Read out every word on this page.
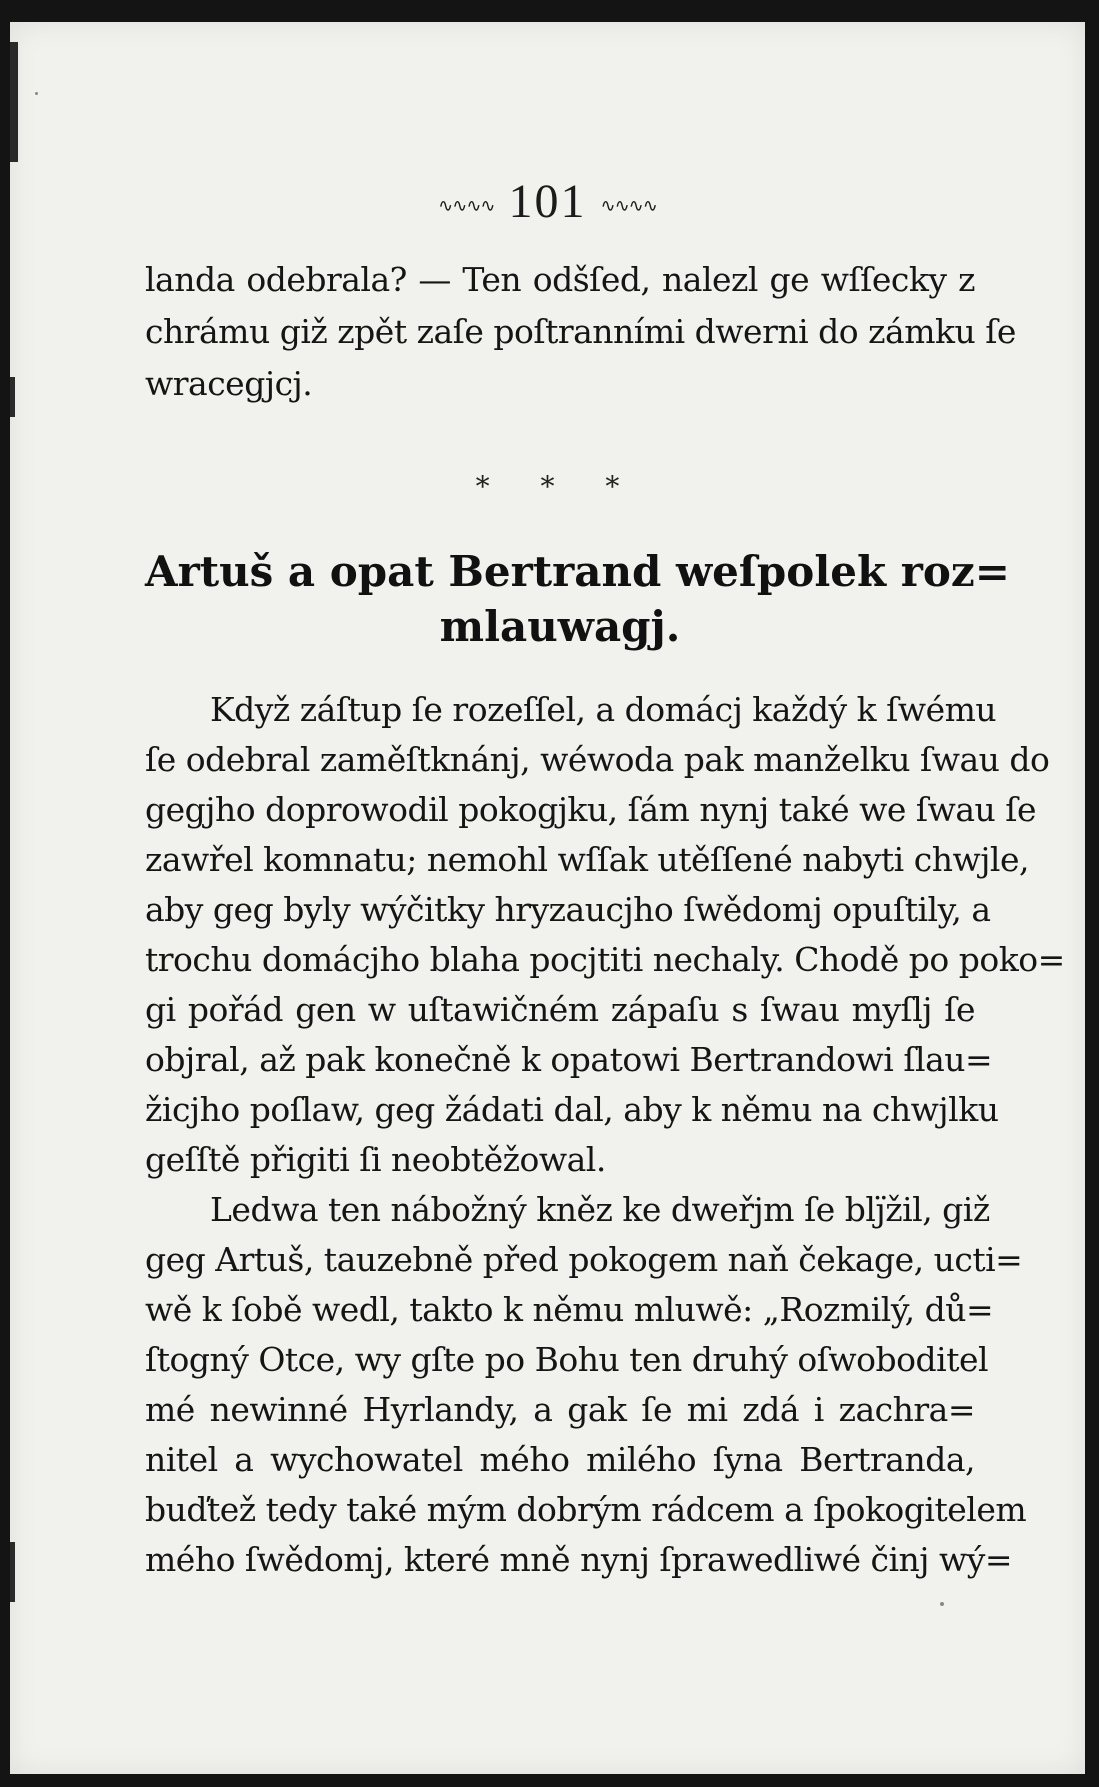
∿∿∿∿ 101 ∿∿∿∿
landa odebrala? — Ten odšſed, nalezl ge wſſecky z
chrámu giž zpět zaſe poſtranními dwerni do zámku ſe
wracegjcj.
* * *
Artuš a opat Bertrand weſpolek roz=
mlauwagj.
Když záſtup ſe rozeſſel, a domácj každý k ſwému
ſe odebral zaměſtknánj, wéwoda pak manželku ſwau do
gegjho doprowodil pokogjku, ſám nynj také we ſwau ſe
zawřel komnatu; nemohl wſſak utěſſené nabyti chwjle,
aby geg byly wýčitky hryzaucjho ſwědomj opuſtily, a
trochu domácjho blaha pocjtiti nechaly. Chodě po poko=
gi pořád gen w uſtawičném zápaſu s ſwau myſlj ſe
objral, až pak konečně k opatowi Bertrandowi ſlau=
žicjho poſlaw, geg žádati dal, aby k němu na chwjlku
geſſtě přigiti ſi neobtěžowal.
Ledwa ten nábožný kněz ke dweřjm ſe blj̈žil, giž
geg Artuš, tauzebně před pokogem naň čekage, ucti=
wě k ſobě wedl, takto k němu mluwě: „Rozmilý, dů=
ſtogný Otce, wy gſte po Bohu ten druhý oſwoboditel
mé newinné Hyrlandy, a gak ſe mi zdá i zachra=
nitel a wychowatel mého milého ſyna Bertranda,
buďtež tedy také mým dobrým rádcem a ſpokogitelem
mého ſwědomj, které mně nynj ſprawedliwé činj wý=
